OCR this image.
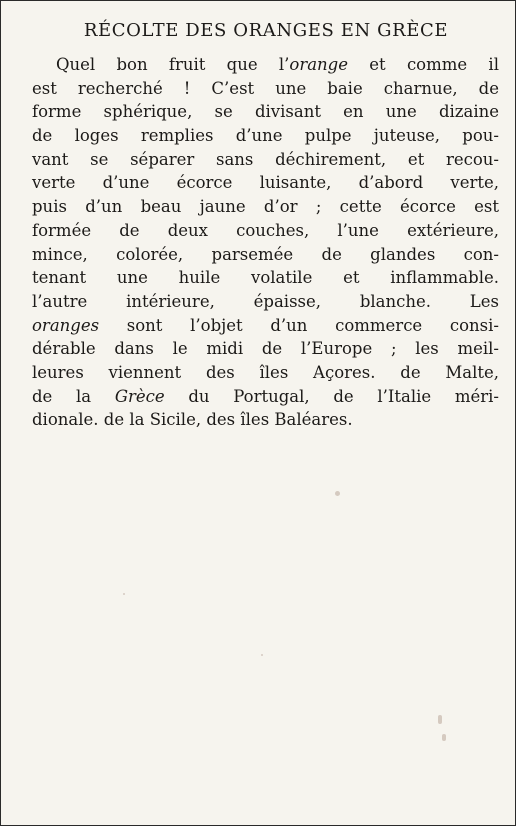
RÉCOLTE DES ORANGES EN GRÈCE
Quel bon fruit que l’orange et comme il
est recherché ! C’est une baie charnue, de
forme sphérique, se divisant en une dizaine
de loges remplies d’une pulpe juteuse, pou-
vant se séparer sans déchirement, et recou-
verte d’une écorce luisante, d’abord verte,
puis d’un beau jaune d’or ; cette écorce est
formée de deux couches, l’une extérieure,
mince, colorée, parsemée de glandes con-
tenant une huile volatile et inflammable.
l’autre intérieure, épaisse, blanche. Les
oranges sont l’objet d’un commerce consi-
dérable dans le midi de l’Europe ; les meil-
leures viennent des îles Açores. de Malte,
de la Grèce du Portugal, de l’Italie méri-
dionale. de la Sicile, des îles Baléares.
